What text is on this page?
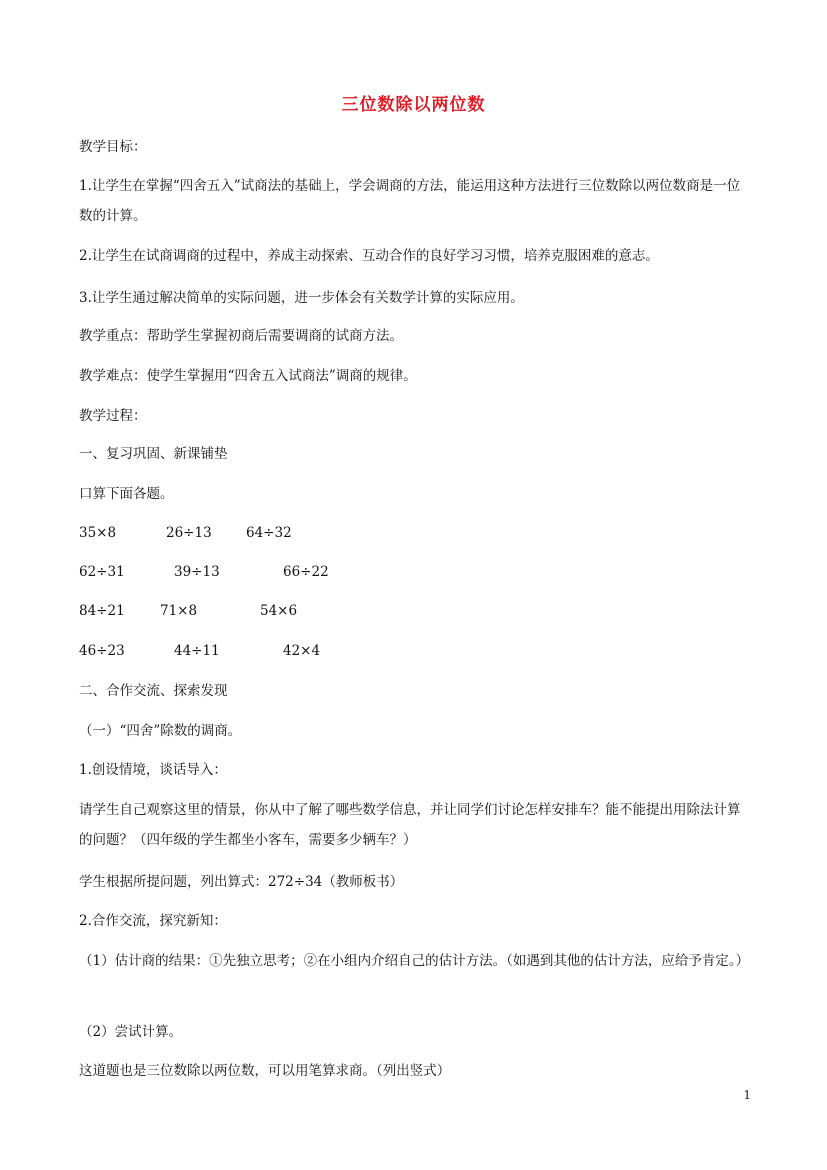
三位数除以两位数
教学目标：
1.让学生在掌握“四舍五入”试商法的基础上，学会调商的方法，能运用这种方法进行三位数除以两位数商是一位数的计算。
2.让学生在试商调商的过程中，养成主动探索、互动合作的良好学习习惯，培养克服困难的意志。
3.让学生通过解决简单的实际问题，进一步体会有关数学计算的实际应用。
教学重点：帮助学生掌握初商后需要调商的试商方法。
教学难点：使学生掌握用“四舍五入试商法”调商的规律。
教学过程：
一、复习巩固、新课铺垫
口算下面各题。
35×8	26÷13	64÷32
62÷31	39÷13	66÷22
84÷21	71×8	54×6
46÷23	44÷11	42×4
二、合作交流、探索发现
（一）“四舍”除数的调商。
1.创设情境，谈话导入：
请学生自己观察这里的情景，你从中了解了哪些数学信息，并让同学们讨论怎样安排车？能不能提出用除法计算的问题？（四年级的学生都坐小客车，需要多少辆车？）
学生根据所提问题，列出算式：272÷34（教师板书）
2.合作交流，探究新知：
（1）估计商的结果：①先独立思考；②在小组内介绍自己的估计方法。（如遇到其他的估计方法，应给予肯定。）
（2）尝试计算。
这道题也是三位数除以两位数，可以用笔算求商。（列出竖式）
1
